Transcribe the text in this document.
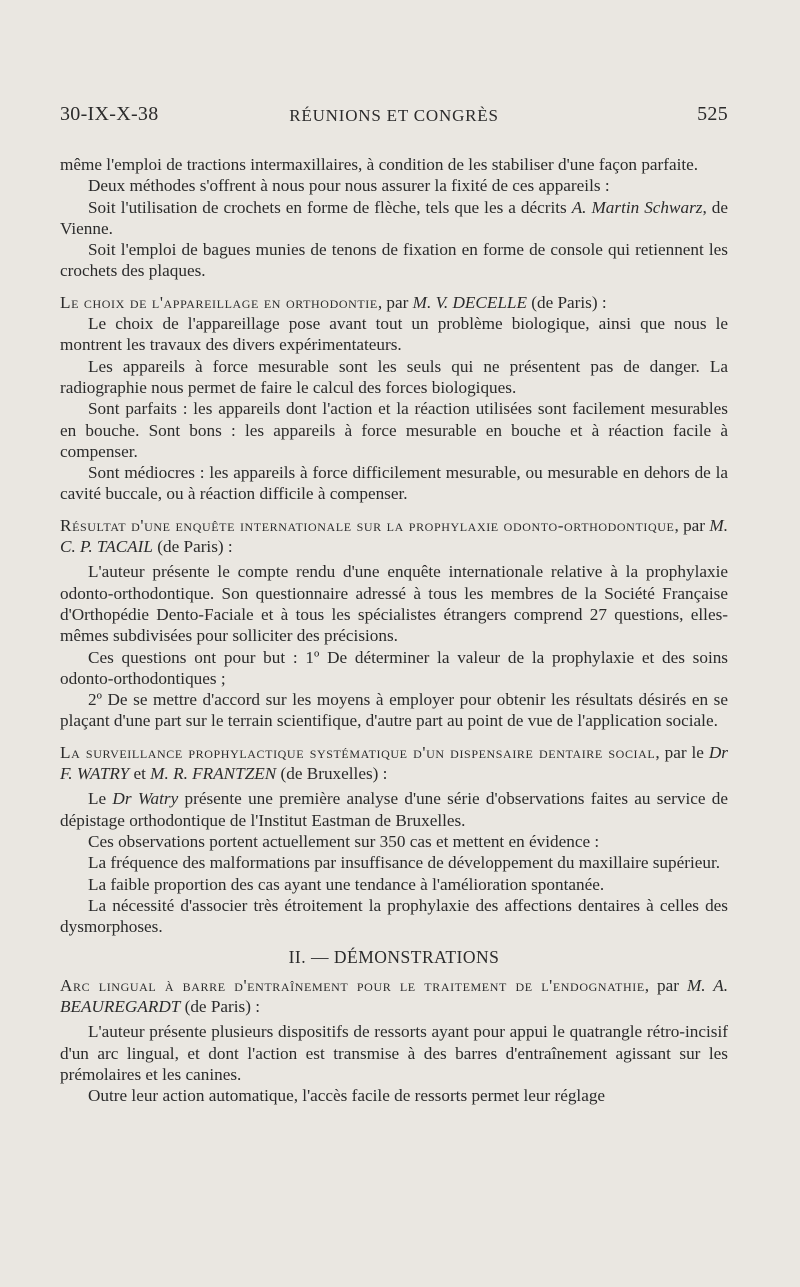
30-IX-X-38	RÉUNIONS ET CONGRÈS	525

même l'emploi de tractions intermaxillaires, à condition de les stabiliser d'une façon parfaite.

Deux méthodes s'offrent à nous pour nous assurer la fixité de ces appareils :

Soit l'utilisation de crochets en forme de flèche, tels que les a décrits A. Martin Schwarz, de Vienne.

Soit l'emploi de bagues munies de tenons de fixation en forme de console qui retiennent les crochets des plaques.

Le choix de l'appareillage en orthodontie, par M. V. DECELLE (de Paris) :

Le choix de l'appareillage pose avant tout un problème biologique, ainsi que nous le montrent les travaux des divers expérimentateurs.

Les appareils à force mesurable sont les seuls qui ne présentent pas de danger. La radiographie nous permet de faire le calcul des forces biologiques.

Sont parfaits : les appareils dont l'action et la réaction utilisées sont facilement mesurables en bouche. Sont bons : les appareils à force mesurable en bouche et à réaction facile à compenser.

Sont médiocres : les appareils à force difficilement mesurable, ou mesurable en dehors de la cavité buccale, ou à réaction difficile à compenser.

Résultat d'une enquête internationale sur la prophylaxie odonto-orthodontique, par M. C. P. TACAIL (de Paris) :

L'auteur présente le compte rendu d'une enquête internationale relative à la prophylaxie odonto-orthodontique. Son questionnaire adressé à tous les membres de la Société Française d'Orthopédie Dento-Faciale et à tous les spécialistes étrangers comprend 27 questions, elles-mêmes subdivisées pour solliciter des précisions.

Ces questions ont pour but : 1º De déterminer la valeur de la prophylaxie et des soins odonto-orthodontiques ;

2º De se mettre d'accord sur les moyens à employer pour obtenir les résultats désirés en se plaçant d'une part sur le terrain scientifique, d'autre part au point de vue de l'application sociale.

La surveillance prophylactique systématique d'un dispensaire dentaire social, par le Dr F. WATRY et M. R. FRANTZEN (de Bruxelles) :

Le Dr Watry présente une première analyse d'une série d'observations faites au service de dépistage orthodontique de l'Institut Eastman de Bruxelles.

Ces observations portent actuellement sur 350 cas et mettent en évidence :

La fréquence des malformations par insuffisance de développement du maxillaire supérieur.

La faible proportion des cas ayant une tendance à l'amélioration spontanée.

La nécessité d'associer très étroitement la prophylaxie des affections dentaires à celles des dysmorphoses.

II. — DÉMONSTRATIONS

Arc lingual à barre d'entraînement pour le traitement de l'endognathie, par M. A. BEAUREGARDT (de Paris) :

L'auteur présente plusieurs dispositifs de ressorts ayant pour appui le quatrangle rétro-incisif d'un arc lingual, et dont l'action est transmise à des barres d'entraînement agissant sur les prémolaires et les canines.

Outre leur action automatique, l'accès facile de ressorts permet leur réglage
